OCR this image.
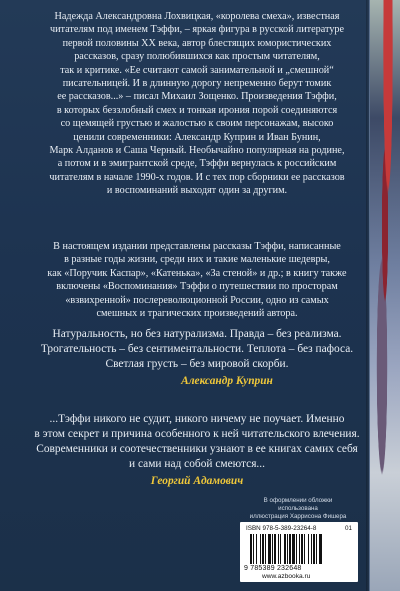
Надежда Александровна Лохвицкая, «королева смеха», известная

читателям под именем Тэффи, – яркая фигура в русской литературе

первой половины XX века, автор блестящих юмористических

рассказов, сразу полюбившихся как простым читателям,

так и критике. «Ее считают самой занимательной и „смешной“

писательницей. И в длинную дорогу непременно берут томик

ее рассказов...» – писал Михаил Зощенко. Произведения Тэффи,

в которых беззлобный смех и тонкая ирония порой соединяются

со щемящей грустью и жалостью к своим персонажам, высоко

ценили современники: Александр Куприн и Иван Бунин,

Марк Алданов и Саша Черный. Необычайно популярная на родине,

а потом и в эмигрантской среде, Тэффи вернулась к российским

читателям в начале 1990-х годов. И с тех пор сборники ее рассказов

и воспоминаний выходят один за другим.

В настоящем издании представлены рассказы Тэффи, написанные

в разные годы жизни, среди них и такие маленькие шедевры,

как «Поручик Каспар», «Катенька», «За стеной» и др.; в книгу также

включены «Воспоминания» Тэффи о путешествии по просторам

«взвихренной» послереволюционной России, одно из самых

смешных и трагических произведений автора.

Натуральность, но без натурализма. Правда – без реализма.
Трогательность – без сентиментальности. Теплота – без пафоса.
Светлая грусть – без мировой скорби.
Александр Куприн
...Тэффи никого не судит, никого ничему не поучает. Именно
в этом секрет и причина особенного к ней читательского влечения.
Современники и соотечественники узнают в ее книгах самих себя
и сами над собой смеются...
Георгий Адамович
В оформлении обложки использована
иллюстрация Харрисона Фишера
ISBN 978-5-389-23264-8	01
9 785389 232648
www.azbooka.ru
